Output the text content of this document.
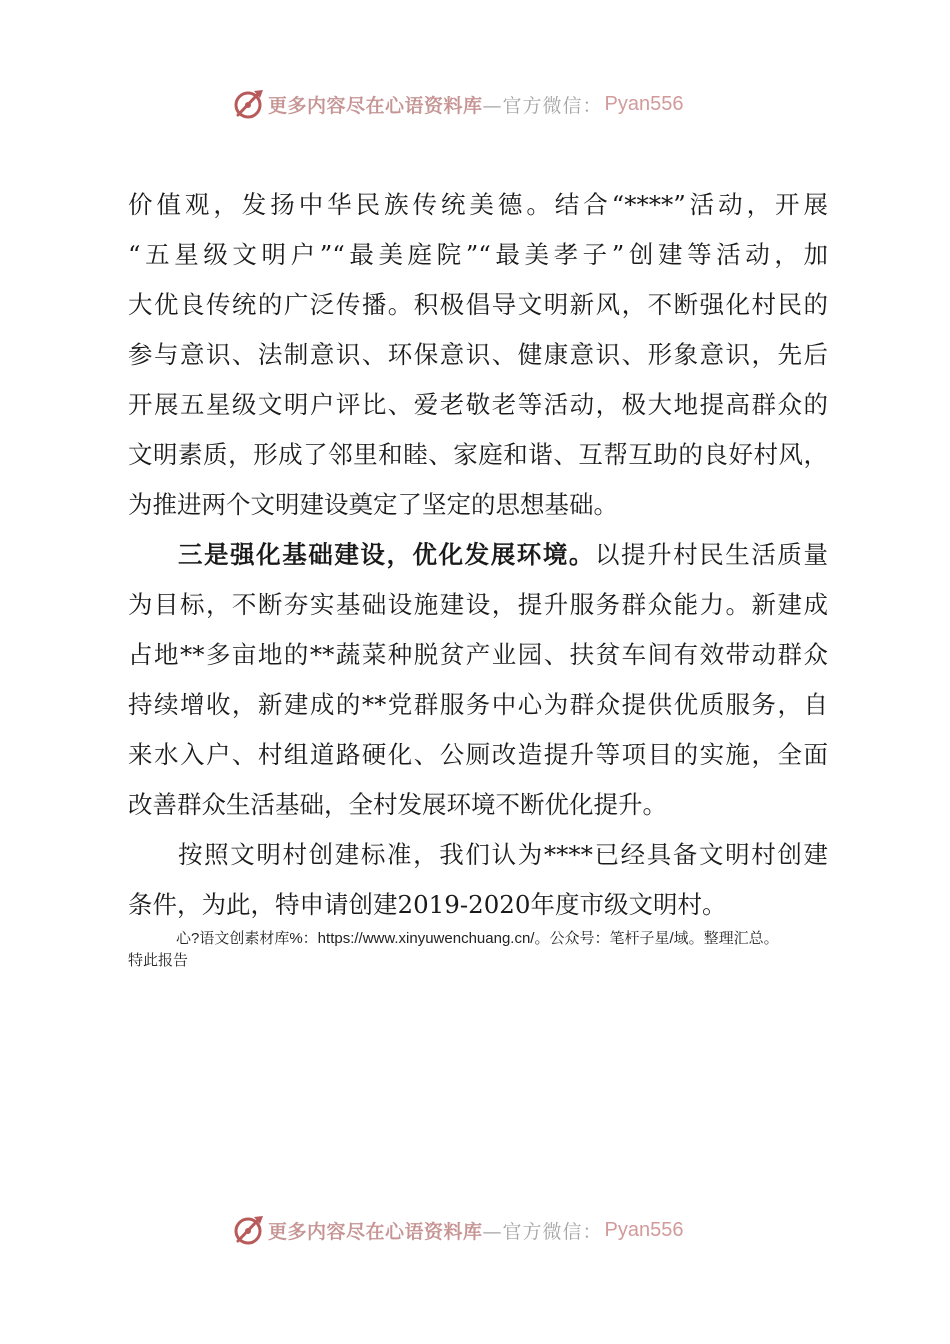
更多内容尽在心语资料库 —官方微信： Pyan556
价值观，发扬中华民族传统美德。结合“****”活动，开展
“五星级文明户”“最美庭院”“最美孝子”创建等活动，加
大优良传统的广泛传播。积极倡导文明新风，不断强化村民的
参与意识、法制意识、环保意识、健康意识、形象意识，先后
开展五星级文明户评比、爱老敬老等活动，极大地提高群众的
文明素质，形成了邻里和睦、家庭和谐、互帮互助的良好村风，
为推进两个文明建设奠定了坚定的思想基础。
三是强化基础建设，优化发展环境。以提升村民生活质量
为目标，不断夯实基础设施建设，提升服务群众能力。新建成
占地**多亩地的**蔬菜种脱贫产业园、扶贫车间有效带动群众
持续增收，新建成的**党群服务中心为群众提供优质服务，自
来水入户、村组道路硬化、公厕改造提升等项目的实施，全面
改善群众生活基础，全村发展环境不断优化提升。
按照文明村创建标准，我们认为****已经具备文明村创建
条件，为此，特申请创建2019-2020年度市级文明村。
心?语文创素材库%：https://www.xinyuwenchuang.cn/。公众号：笔杆子星/域。整理汇总。
特此报告
更多内容尽在心语资料库 —官方微信： Pyan556
